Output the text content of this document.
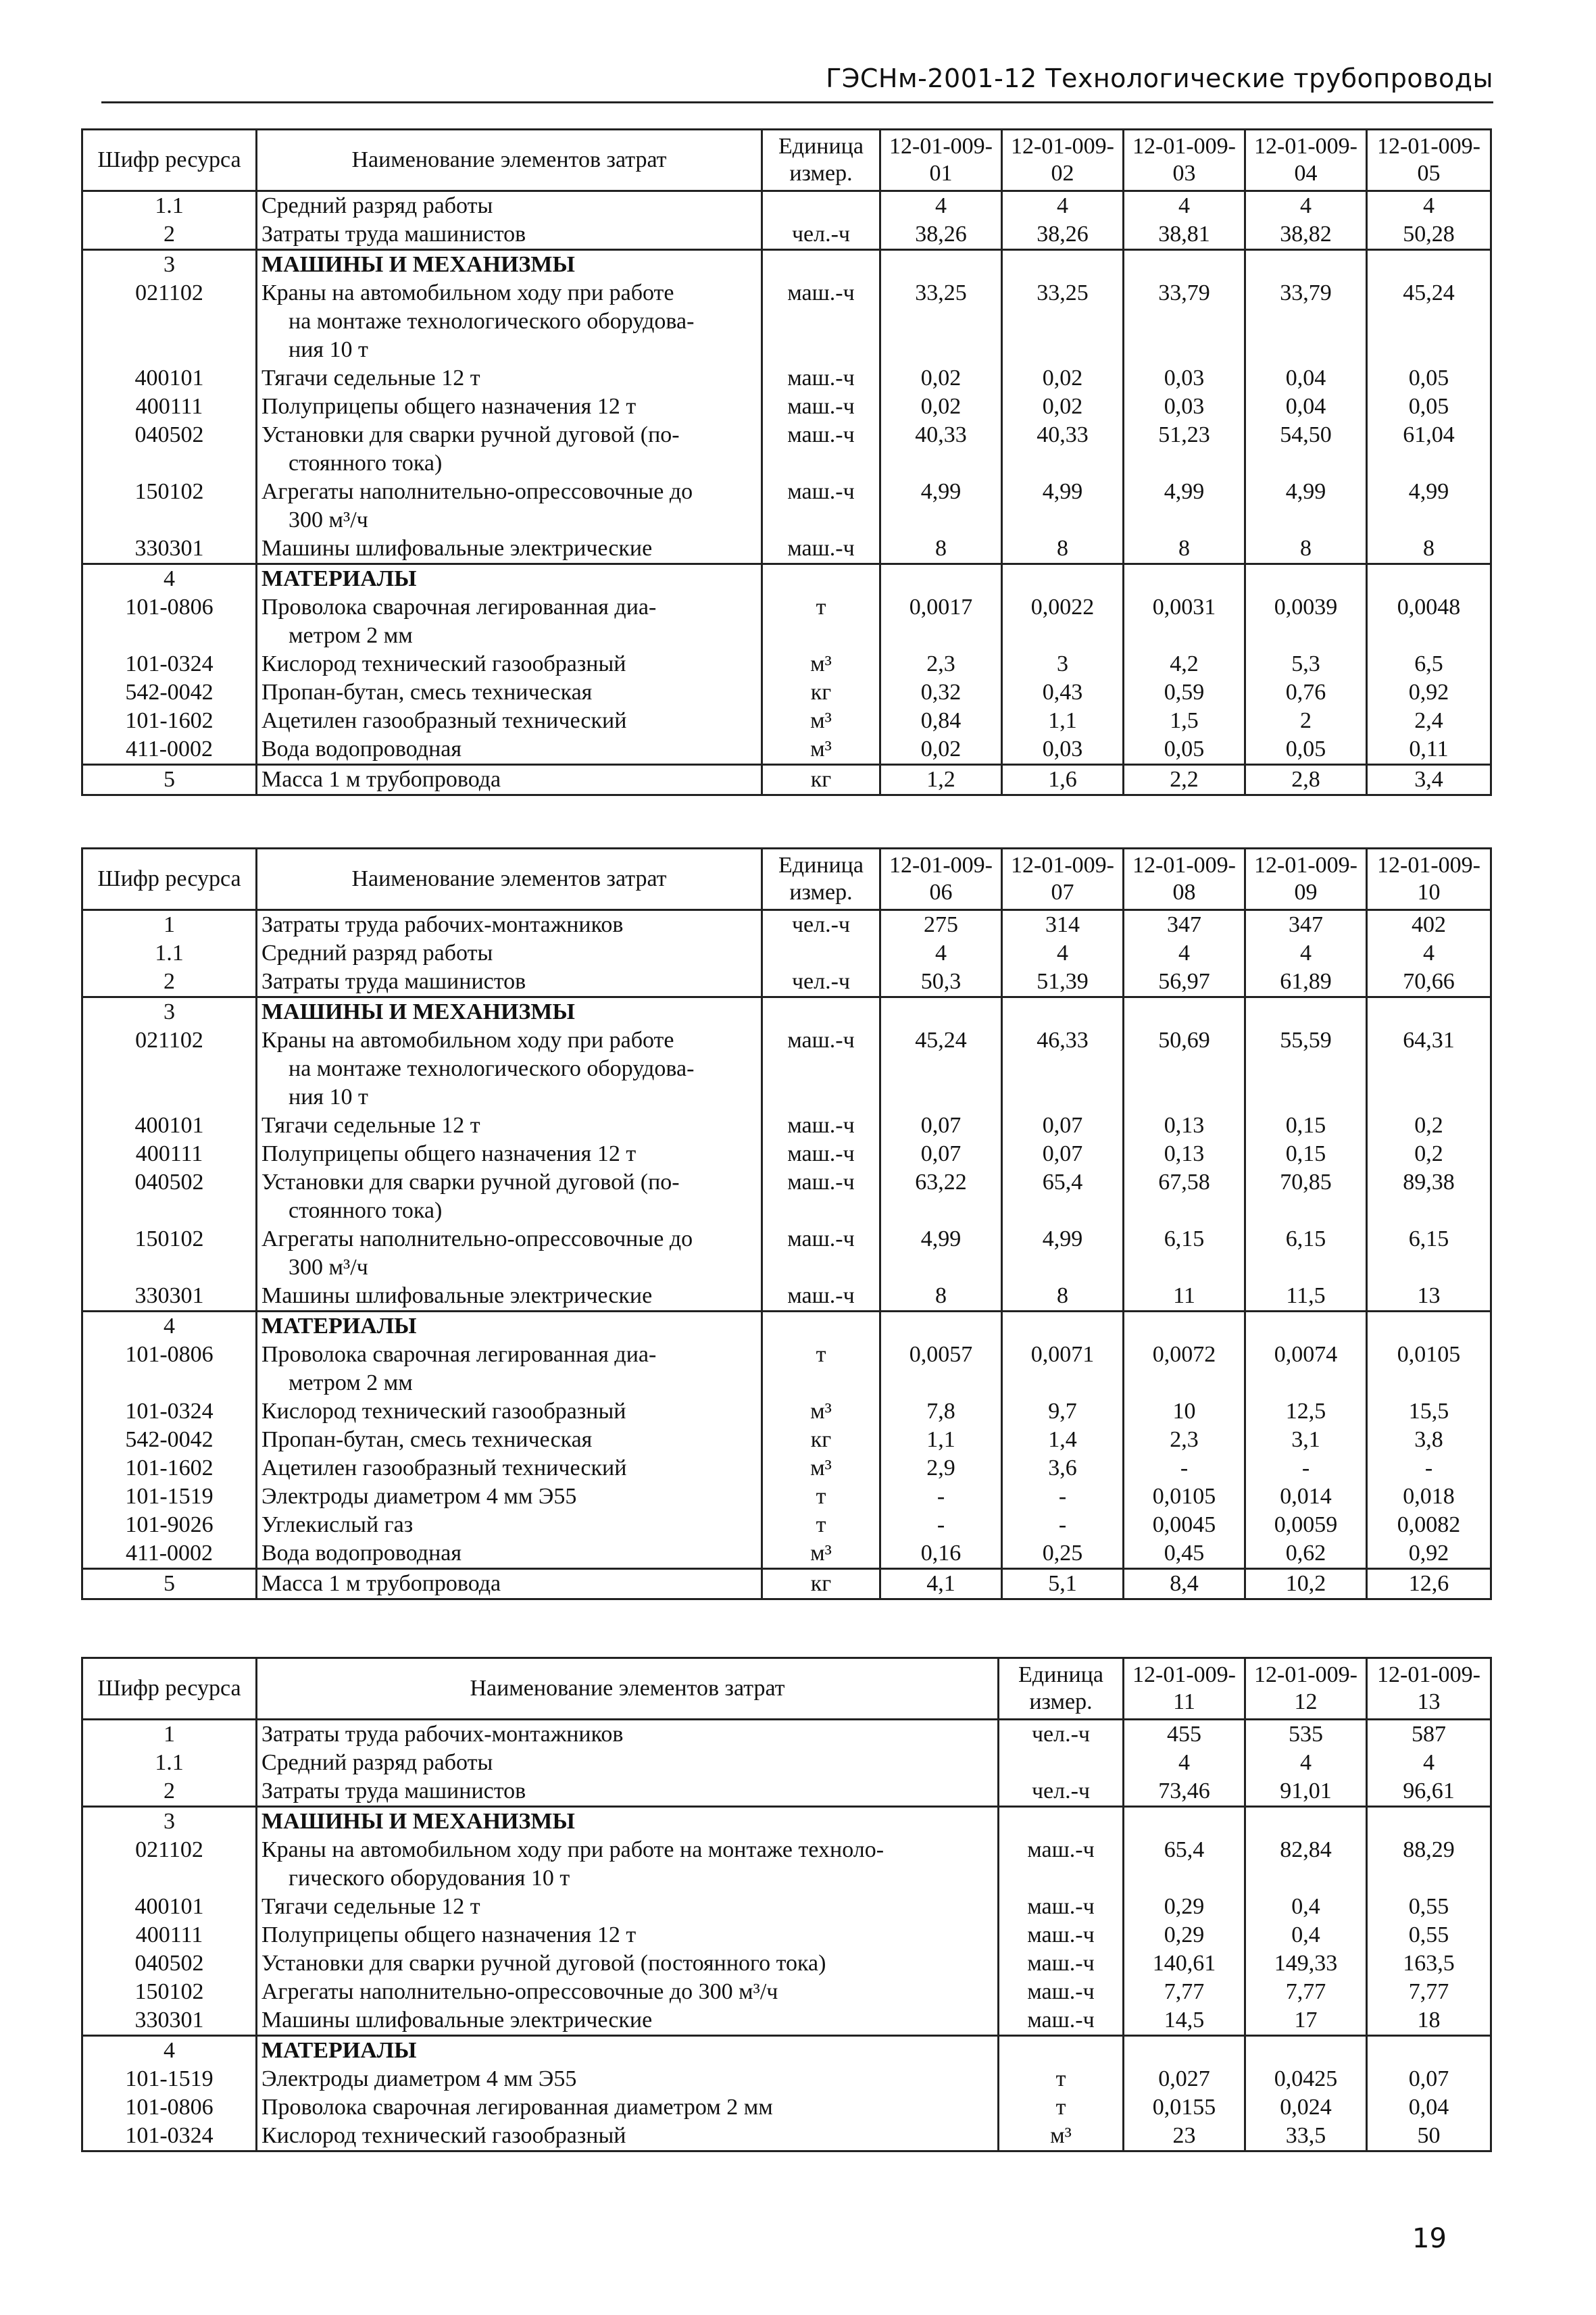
ГЭСНм-2001-12 Технологические трубопроводы
Шифр ресурса	Наименование элементов затрат	Единица измер.	12-01-009-01	12-01-009-02	12-01-009-03	12-01-009-04	12-01-009-05
1.1	Средний разряд работы		4	4	4	4	4
2	Затраты труда машинистов	чел.-ч	38,26	38,26	38,81	38,82	50,28
3	МАШИНЫ И МЕХАНИЗМЫ						

021102	Краны на автомобильном ходу при работе
на монтаже технологического оборудова-
ния 10 т	маш.-ч	33,25	33,25	33,79	33,79	45,24
400101	Тягачи седельные 12 т	маш.-ч	0,02	0,02	0,03	0,04	0,05
400111	Полуприцепы общего назначения 12 т	маш.-ч	0,02	0,02	0,03	0,04	0,05
040502	Установки для сварки ручной дуговой (по-
стоянного тока)	маш.-ч	40,33	40,33	51,23	54,50	61,04
150102	Агрегаты наполнительно-опрессовочные до
300 м³/ч	маш.-ч	4,99	4,99	4,99	4,99	4,99
330301	Машины шлифовальные электрические	маш.-ч	8	8	8	8	8
4	МАТЕРИАЛЫ						

101-0806	Проволока сварочная легированная диа-
метром 2 мм	т	0,0017	0,0022	0,0031	0,0039	0,0048
101-0324	Кислород технический газообразный	м³	2,3	3	4,2	5,3	6,5
542-0042	Пропан-бутан, смесь техническая	кг	0,32	0,43	0,59	0,76	0,92
101-1602	Ацетилен газообразный технический	м³	0,84	1,1	1,5	2	2,4
411-0002	Вода водопроводная	м³	0,02	0,03	0,05	0,05	0,11
5	Масса 1 м трубопровода	кг	1,2	1,6	2,2	2,8	3,4
Шифр ресурса	Наименование элементов затрат	Единица измер.	12-01-009-06	12-01-009-07	12-01-009-08	12-01-009-09	12-01-009-10
1	Затраты труда рабочих-монтажников	чел.-ч	275	314	347	347	402
1.1	Средний разряд работы		4	4	4	4	4
2	Затраты труда машинистов	чел.-ч	50,3	51,39	56,97	61,89	70,66
3	МАШИНЫ И МЕХАНИЗМЫ						

021102	Краны на автомобильном ходу при работе
на монтаже технологического оборудова-
ния 10 т	маш.-ч	45,24	46,33	50,69	55,59	64,31
400101	Тягачи седельные 12 т	маш.-ч	0,07	0,07	0,13	0,15	0,2
400111	Полуприцепы общего назначения 12 т	маш.-ч	0,07	0,07	0,13	0,15	0,2
040502	Установки для сварки ручной дуговой (по-
стоянного тока)	маш.-ч	63,22	65,4	67,58	70,85	89,38
150102	Агрегаты наполнительно-опрессовочные до
300 м³/ч	маш.-ч	4,99	4,99	6,15	6,15	6,15
330301	Машины шлифовальные электрические	маш.-ч	8	8	11	11,5	13
4	МАТЕРИАЛЫ						

101-0806	Проволока сварочная легированная диа-
метром 2 мм	т	0,0057	0,0071	0,0072	0,0074	0,0105
101-0324	Кислород технический газообразный	м³	7,8	9,7	10	12,5	15,5
542-0042	Пропан-бутан, смесь техническая	кг	1,1	1,4	2,3	3,1	3,8
101-1602	Ацетилен газообразный технический	м³	2,9	3,6	-	-	-
101-1519	Электроды диаметром 4 мм Э55	т	-	-	0,0105	0,014	0,018
101-9026	Углекислый газ	т	-	-	0,0045	0,0059	0,0082
411-0002	Вода водопроводная	м³	0,16	0,25	0,45	0,62	0,92
5	Масса 1 м трубопровода	кг	4,1	5,1	8,4	10,2	12,6
Шифр ресурса	Наименование элементов затрат	Единица измер.	12-01-009-11	12-01-009-12	12-01-009-13
1	Затраты труда рабочих-монтажников	чел.-ч	455	535	587
1.1	Средний разряд работы		4	4	4
2	Затраты труда машинистов	чел.-ч	73,46	91,01	96,61
3	МАШИНЫ И МЕХАНИЗМЫ				

021102	Краны на автомобильном ходу при работе на монтаже техноло-
гического оборудования 10 т	маш.-ч	65,4	82,84	88,29
400101	Тягачи седельные 12 т	маш.-ч	0,29	0,4	0,55
400111	Полуприцепы общего назначения 12 т	маш.-ч	0,29	0,4	0,55
040502	Установки для сварки ручной дуговой (постоянного тока)	маш.-ч	140,61	149,33	163,5
150102	Агрегаты наполнительно-опрессовочные до 300 м³/ч	маш.-ч	7,77	7,77	7,77
330301	Машины шлифовальные электрические	маш.-ч	14,5	17	18
4	МАТЕРИАЛЫ				

101-1519	Электроды диаметром 4 мм Э55	т	0,027	0,0425	0,07
101-0806	Проволока сварочная легированная диаметром 2 мм	т	0,0155	0,024	0,04
101-0324	Кислород технический газообразный	м³	23	33,5	50
19
